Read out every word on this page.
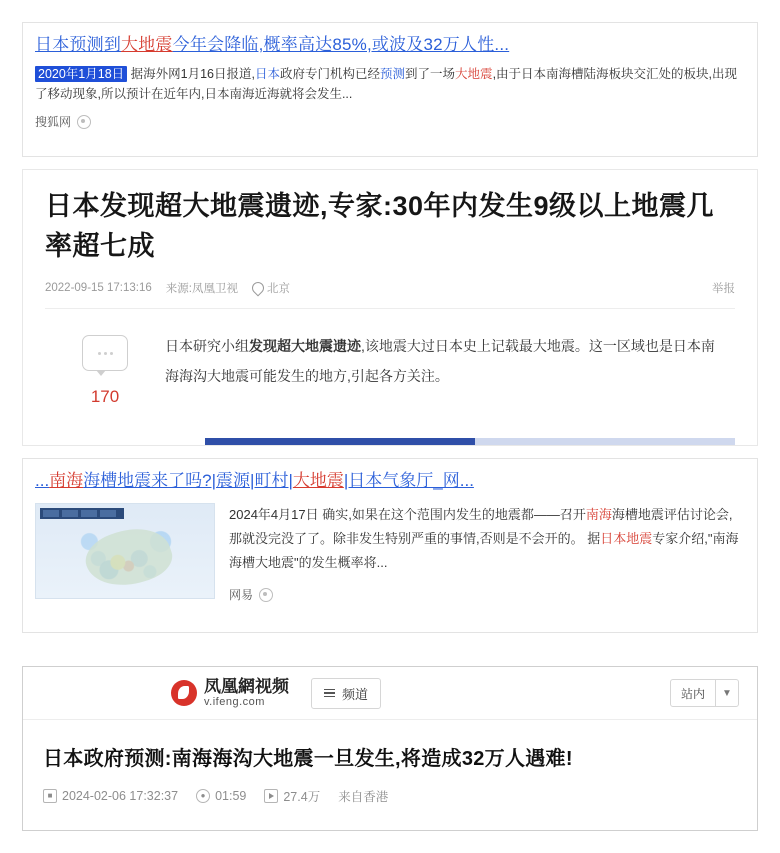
日本预测到大地震今年会降临,概率高达85%,或波及32万人性...
2020年1月18日 据海外网1月16日报道,日本政府专门机构已经预测到了一场大地震,由于日本南海槽陆海板块交汇处的板块,出现了移动现象,所以预计在近年内,日本南海近海就将会发生...
搜狐网
日本发现超大地震遗迹,专家:30年内发生9级以上地震几率超七成
2022-09-15 17:13:16 来源:凤凰卫视	北京	举报
170
日本研究小组发现超大地震遗迹,该地震大过日本史上记载最大地震。这一区域也是日本南海海沟大地震可能发生的地方,引起各方关注。
...南海海槽地震来了吗?|震源|町村|大地震|日本气象厅_网...
2024年4月17日 确实,如果在这个范围内发生的地震都——召开南海海槽地震评估讨论会,那就没完没了了。除非发生特别严重的事情,否则是不会开的。 据日本地震专家介绍,"南海海槽大地震"的发生概率将...
网易
凤凰網视频
v.ifeng.com	频道	站内	▼
日本政府预测:南海海沟大地震一旦发生,将造成32万人遇难!
■ 2024-02-06 17:32:37	● 01:59	27.4万 来自香港
